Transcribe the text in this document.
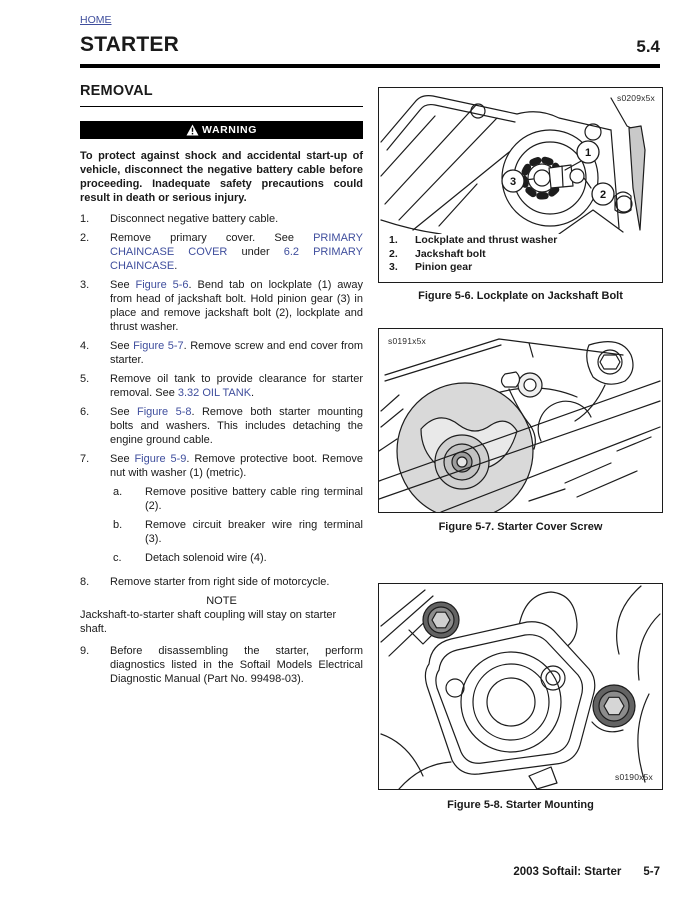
HOME
STARTER	5.4
REMOVAL
WARNING

To protect against shock and accidental start-up of vehicle, disconnect the negative battery cable before proceeding. Inadequate safety precautions could result in death or serious injury.

1.	Disconnect negative battery cable.
2.	Remove primary cover. See PRIMARY CHAINCASE COVER under 6.2 PRIMARY CHAINCASE.
3.	See Figure 5-6. Bend tab on lockplate (1) away from head of jackshaft bolt. Hold pinion gear (3) in place and remove jackshaft bolt (2), lockplate and thrust washer.
4.	See Figure 5-7. Remove screw and end cover from starter.
5.	Remove oil tank to provide clearance for starter removal. See 3.32 OIL TANK.
6.	See Figure 5-8. Remove both starter mounting bolts and washers. This includes detaching the engine ground cable.
7.	See Figure 5-9. Remove protective boot. Remove nut with washer (1) (metric).
a.	Remove positive battery cable ring terminal (2).
b.	Remove circuit breaker wire ring terminal (3).
c.	Detach solenoid wire (4).
8.	Remove starter from right side of motorcycle.
NOTE
Jackshaft-to-starter shaft coupling will stay on starter shaft.
9.	Before disassembling the starter, perform diagnostics listed in the Softail Models Electrical Diagnostic Manual (Part No. 99498-03).
s0209x5x
1
2
3
1.	Lockplate and thrust washer
2.	Jackshaft bolt
3.	Pinion gear
Figure 5-6. Lockplate on Jackshaft Bolt
s0191x5x
Figure 5-7. Starter Cover Screw
s0190x5x
Figure 5-8. Starter Mounting
2003 Softail: Starter 5-7
